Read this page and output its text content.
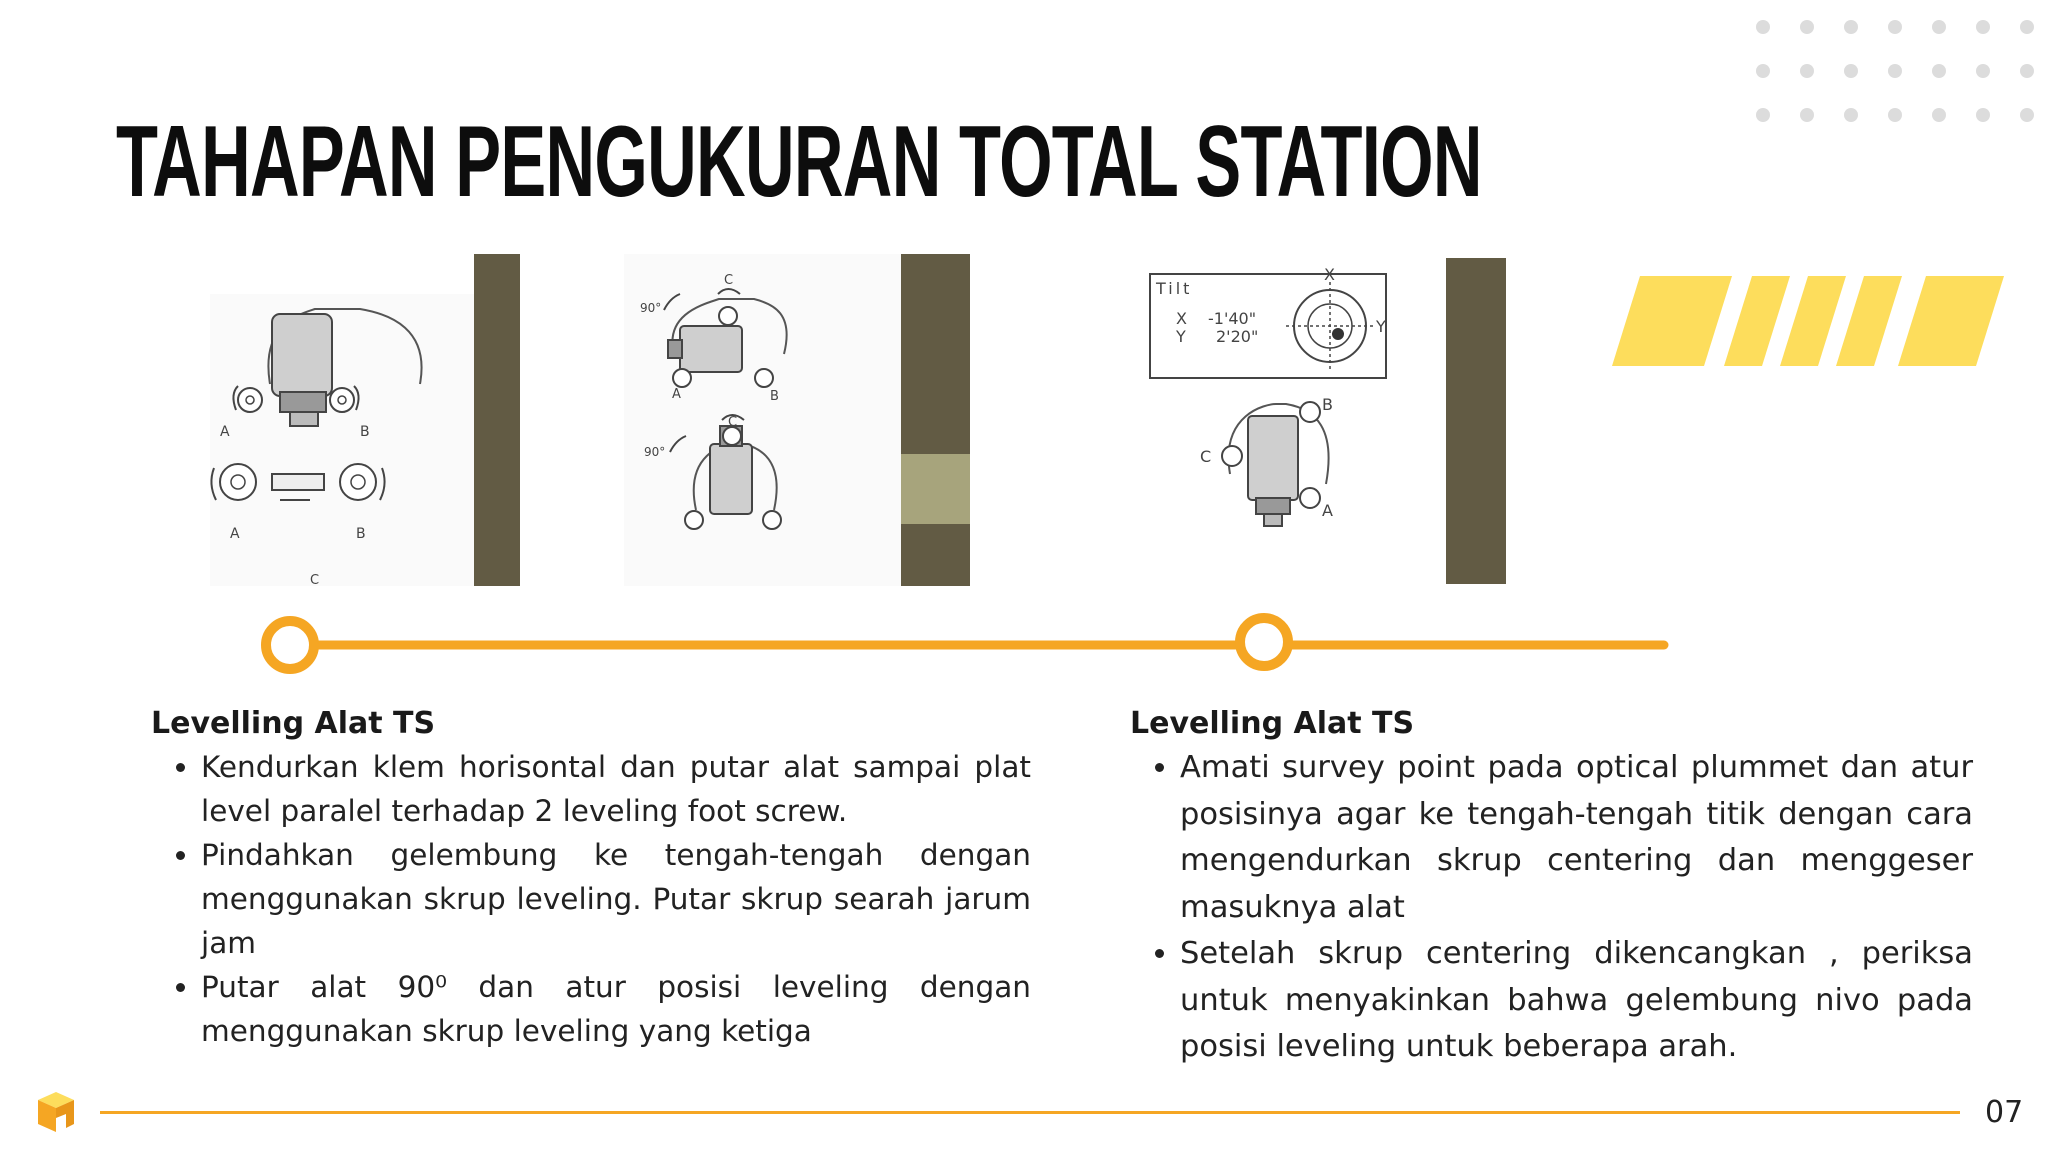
TAHAPAN PENGUKURAN TOTAL STATION
A	B
A	B
C
90°
C
A	B
90°
C
Tilt
X
Y
-1'40"
2'20"
X
Y
B
C
A
Levelling Alat TS
• Kendurkan klem horisontal dan putar alat sampai plat level paralel terhadap 2 leveling foot screw.
• Pindahkan gelembung ke tengah-tengah dengan menggunakan skrup leveling. Putar skrup searah jarum jam
• Putar alat 90⁰ dan atur posisi leveling dengan menggunakan skrup leveling yang ketiga
Levelling Alat TS
• Amati survey point pada optical plummet dan atur posisinya agar ke tengah-tengah titik dengan cara mengendurkan skrup centering dan menggeser masuknya alat
• Setelah skrup centering dikencangkan , periksa untuk menyakinkan bahwa gelembung nivo pada posisi leveling untuk beberapa arah.
07
